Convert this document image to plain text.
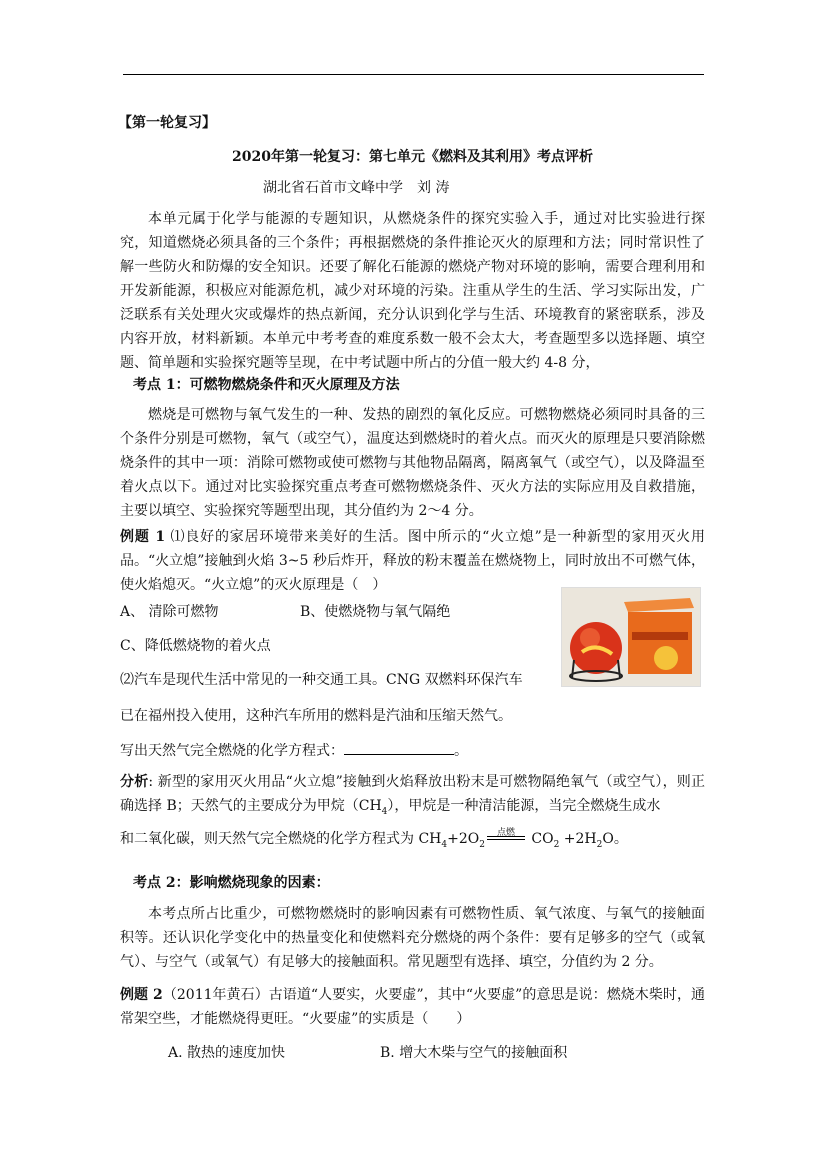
【第一轮复习】
2020年第一轮复习：第七单元《燃料及其利用》考点评析
湖北省石首市文峰中学　刘 涛
本单元属于化学与能源的专题知识，从燃烧条件的探究实验入手，通过对比实验进行探究，知道燃烧必须具备的三个条件；再根据燃烧的条件推论灭火的原理和方法；同时常识性了解一些防火和防爆的安全知识。还要了解化石能源的燃烧产物对环境的影响，需要合理利用和开发新能源，积极应对能源危机，减少对环境的污染。注重从学生的生活、学习实际出发，广泛联系有关处理火灾或爆炸的热点新闻，充分认识到化学与生活、环境教育的紧密联系，涉及内容开放，材料新颖。本单元中考考查的难度系数一般不会太大，考查题型多以选择题、填空题、简单题和实验探究题等呈现，在中考试题中所占的分值一般大约 4-8 分，
考点 1：可燃物燃烧条件和灭火原理及方法
燃烧是可燃物与氧气发生的一种、发热的剧烈的氧化反应。可燃物燃烧必须同时具备的三个条件分别是可燃物，氧气（或空气），温度达到燃烧时的着火点。而灭火的原理是只要消除燃烧条件的其中一项：消除可燃物或使可燃物与其他物品隔离，隔离氧气（或空气），以及降温至着火点以下。通过对比实验探究重点考查可燃物燃烧条件、灭火方法的实际应用及自救措施，主要以填空、实验探究等题型出现，其分值约为 2～4 分。
例题 1 ⑴良好的家居环境带来美好的生活。图中所示的“火立熄”是一种新型的家用灭火用品。“火立熄”接触到火焰 3~5 秒后炸开，释放的粉末覆盖在燃烧物上，同时放出不可燃气体，使火焰熄灭。“火立熄”的灭火原理是（　）
A、 清除可燃物	B、使燃烧物与氧气隔绝
C、降低燃烧物的着火点
⑵汽车是现代生活中常见的一种交通工具。CNG 双燃料环保汽车
已在福州投入使用，这种汽车所用的燃料是汽油和压缩天然气。
写出天然气完全燃烧的化学方程式：	。
分析: 新型的家用灭火用品“火立熄”接触到火焰释放出粉末是可燃物隔绝氧气（或空气），则正确选择 B；天然气的主要成分为甲烷$(CH_4)$，甲烷是一种清洁能源，当完全燃烧生成水
和二氧化碳，则天然气完全燃烧的化学方程式为 $CH_4+2O_2$
点燃 $CO_2 +2H_2O$。
考点 2：影响燃烧现象的因素：
本考点所占比重少，可燃物燃烧时的影响因素有可燃物性质、氧气浓度、与氧气的接触面积等。还认识化学变化中的热量变化和使燃料充分燃烧的两个条件：要有足够多的空气（或氧气）、与空气（或氧气）有足够大的接触面积。常见题型有选择、填空，分值约为 2 分。
例题 2（2011年黄石）古语道“人要实，火要虚”，其中“火要虚”的意思是说：燃烧木柴时，通常架空些，才能燃烧得更旺。“火要虚”的实质是（　　）
A. 散热的速度加快	B. 增大木柴与空气的接触面积
